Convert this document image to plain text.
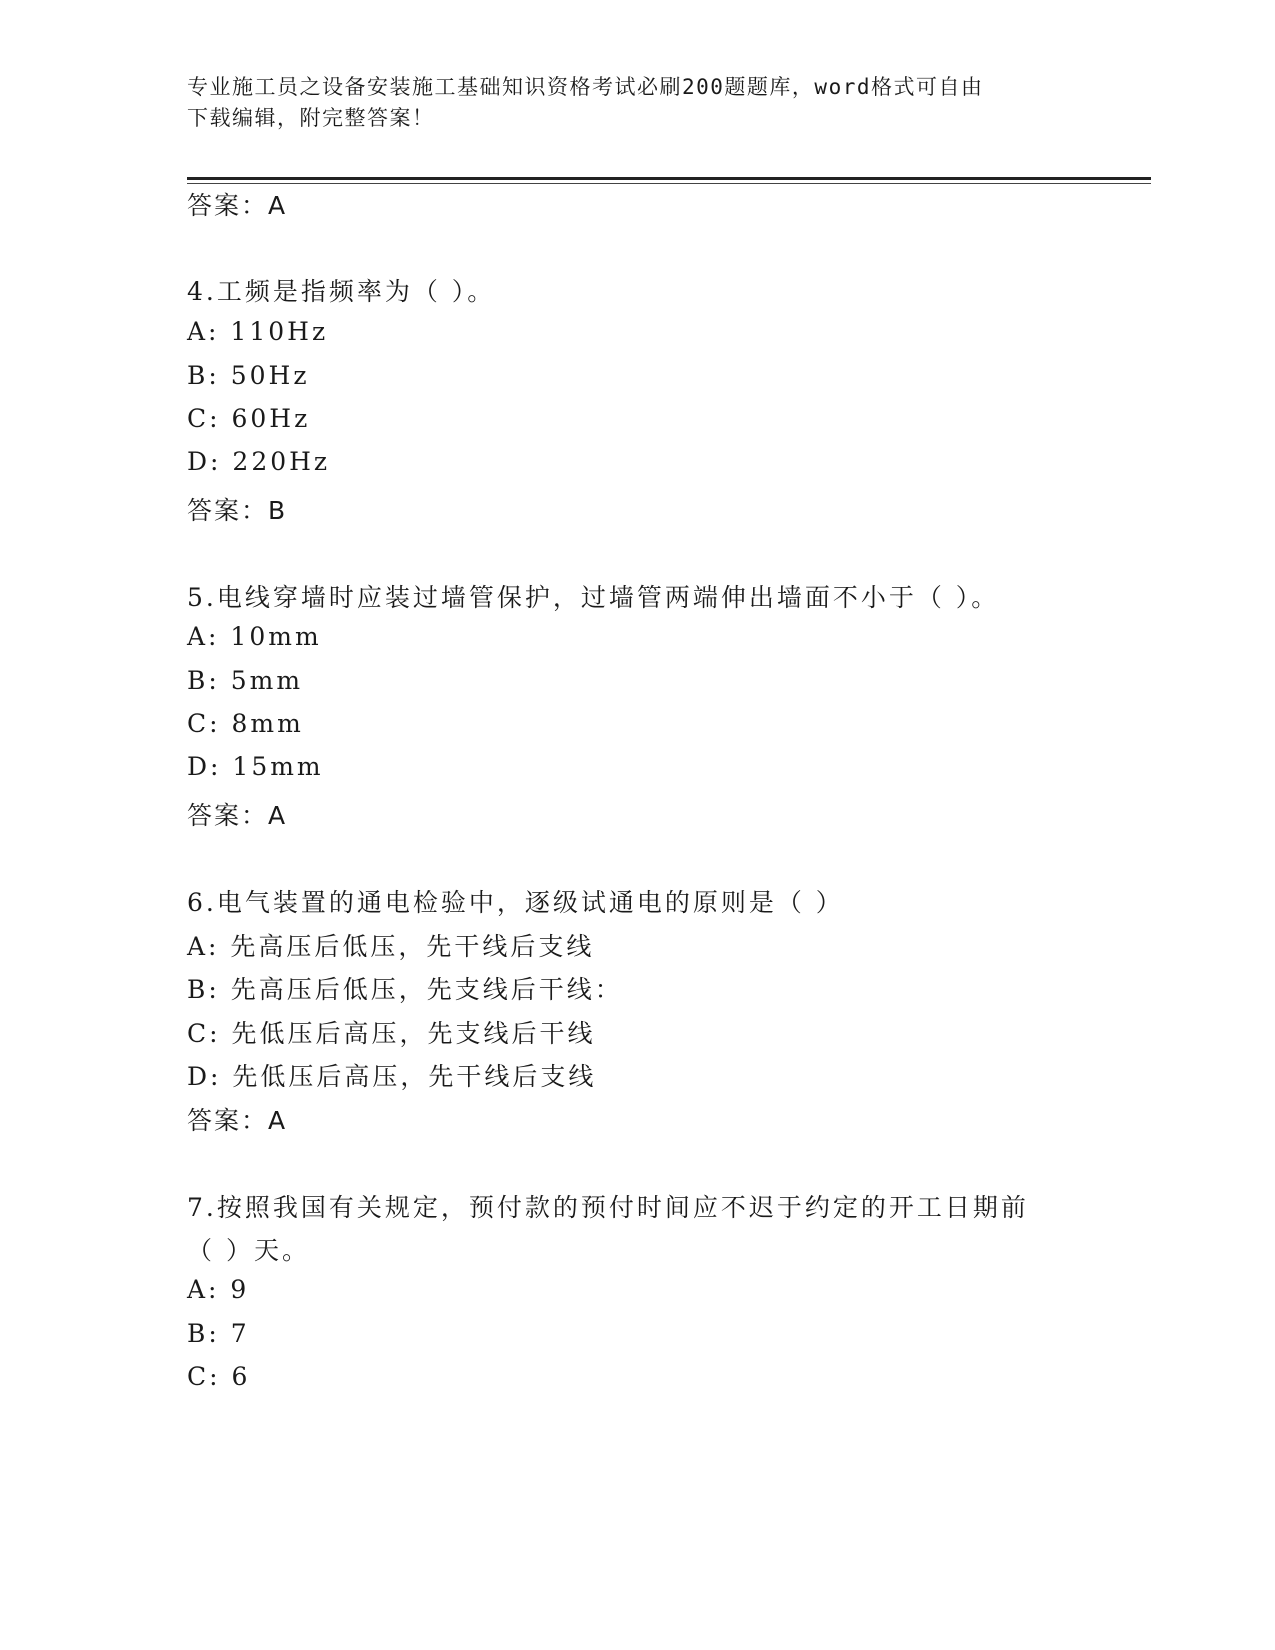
专业施工员之设备安装施工基础知识资格考试必刷200题题库，word格式可自由
下载编辑，附完整答案！
答案：A
4.工频是指频率为（ ）。
A: 110Hz
B: 50Hz
C: 60Hz
D: 220Hz
答案：B
5.电线穿墙时应装过墙管保护，过墙管两端伸出墙面不小于（ ）。
A: 10mm
B: 5mm
C: 8mm
D: 15mm
答案：A
6.电气装置的通电检验中，逐级试通电的原则是（ ）
A: 先高压后低压，先干线后支线
B: 先高压后低压，先支线后干线：
C: 先低压后高压，先支线后干线
D: 先低压后高压，先干线后支线
答案：A
7.按照我国有关规定，预付款的预付时间应不迟于约定的开工日期前
（ ）天。
A: 9
B: 7
C: 6
